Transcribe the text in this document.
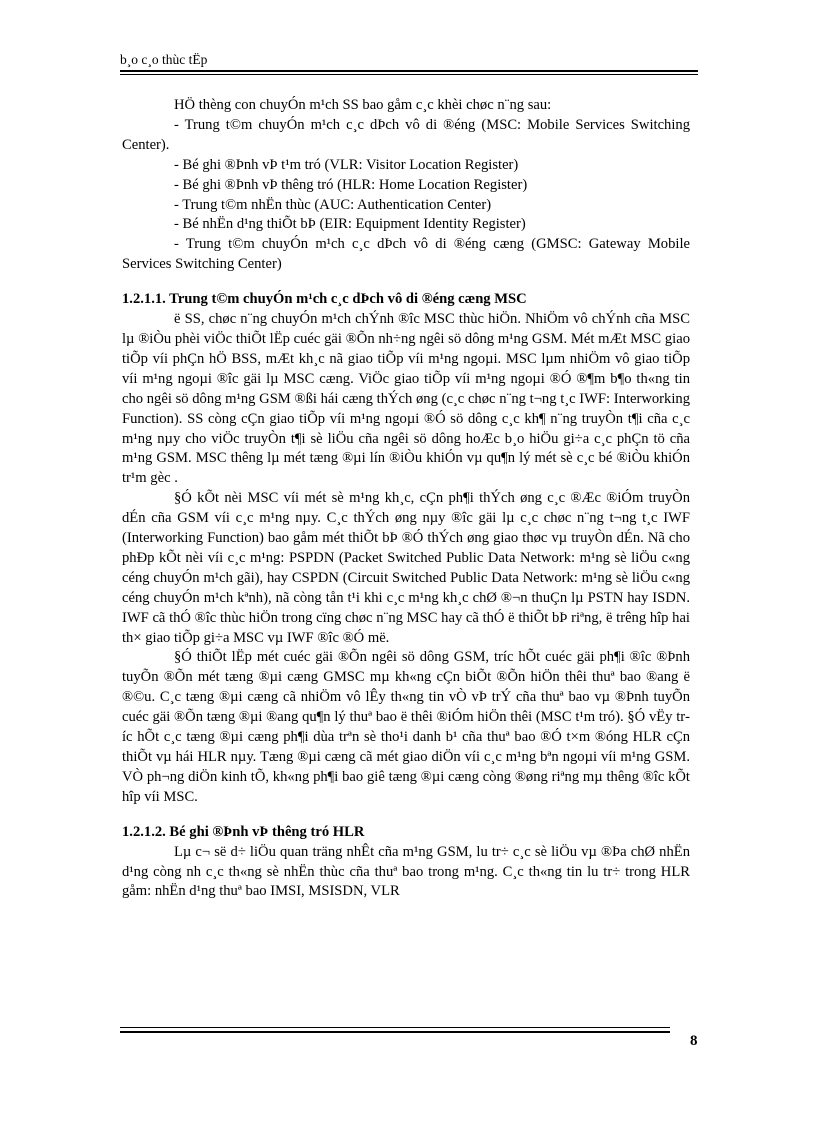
b¸o c¸o thùc tËp

HÖ thèng con chuyÓn m¹ch SS bao gåm c¸c khèi chøc n¨ng sau:

- Trung t©m chuyÓn m¹ch c¸c dÞch vô di ®éng (MSC: Mobile Services Switching Center).

- Bé ghi ®Þnh vÞ t¹m tró (VLR: Visitor Location Register)

- Bé ghi ®Þnh vÞ thêng tró (HLR: Home Location Register)

- Trung t©m nhËn thùc (AUC: Authentication Center)

- Bé nhËn d¹ng thiÕt bÞ (EIR: Equipment Identity Register)

- Trung t©m chuyÓn m¹ch c¸c dÞch vô di ®éng cæng (GMSC: Gateway Mobile Services Switching Center)

1.2.1.1. Trung t©m chuyÓn m¹ch c¸c dÞch vô di ®éng cæng MSC

ë SS, chøc n¨ng chuyÓn m¹ch chÝnh ®îc MSC thùc hiÖn. NhiÖm vô chÝnh cña MSC lµ ®iÒu phèi viÖc thiÕt lËp cuéc gäi ®Õn nh÷ng ngêi sö dông m¹ng GSM. Mét mÆt MSC giao tiÕp víi phÇn hÖ BSS, mÆt kh¸c nã giao tiÕp víi m¹ng ngoµi. MSC lµm nhiÖm vô giao tiÕp víi m¹ng ngoµi ®îc gäi lµ MSC cæng. ViÖc giao tiÕp víi m¹ng ngoµi ®Ó ®¶m b¶o th«ng tin cho ngêi sö dông m¹ng GSM ®ßi hái cæng thÝch øng (c¸c chøc n¨ng t¬ng t¸c IWF: Interworking Function). SS còng cÇn giao tiÕp víi m¹ng ngoµi ®Ó sö dông c¸c kh¶ n¨ng truyÒn t¶i cña c¸c m¹ng nµy cho viÖc truyÒn t¶i sè liÖu cña ngêi sö dông hoÆc b¸o hiÖu gi÷a c¸c phÇn tö cña m¹ng GSM. MSC thêng lµ mét tæng ®µi lín ®iÒu khiÓn vµ qu¶n lý mét sè c¸c bé ®iÒu khiÓn tr¹m gèc .

§Ó kÕt nèi MSC víi mét sè m¹ng kh¸c, cÇn ph¶i thÝch øng c¸c ®Æc ®iÓm truyÒn dÉn cña GSM víi c¸c m¹ng nµy. C¸c thÝch øng nµy ®îc gäi lµ c¸c chøc n¨ng t¬ng t¸c IWF (Interworking Function) bao gåm mét thiÕt bÞ ®Ó thÝch øng giao thøc vµ truyÒn dÉn. Nã cho phÐp kÕt nèi víi c¸c m¹ng: PSPDN (Packet Switched Public Data Network: m¹ng sè liÖu c«ng céng chuyÓn m¹ch gãi), hay CSPDN (Circuit Switched Public Data Network: m¹ng sè liÖu c«ng céng chuyÓn m¹ch kªnh), nã còng tån t¹i khi c¸c m¹ng kh¸c chØ ®¬n thuÇn lµ PSTN hay ISDN. IWF cã thÓ ®îc thùc hiÖn trong cïng chøc n¨ng MSC hay cã thÓ ë thiÕt bÞ riªng, ë trêng hîp hai th× giao tiÕp gi÷a MSC vµ IWF ®îc ®Ó më.

§Ó thiÕt lËp mét cuéc gäi ®Õn ngêi sö dông GSM, tríc hÕt cuéc gäi ph¶i ®îc ®Þnh tuyÕn ®Õn mét tæng ®µi cæng GMSC mµ kh«ng cÇn biÕt ®Õn hiÖn thêi thuª bao ®ang ë ®©u. C¸c tæng ®µi cæng cã nhiÖm vô lÊy th«ng tin vÒ vÞ trÝ cña thuª bao vµ ®Þnh tuyÕn cuéc gäi ®Õn tæng ®µi ®ang qu¶n lý thuª bao ë thêi ®iÓm hiÖn thêi (MSC t¹m tró). §Ó vËy tríc hÕt c¸c tæng ®µi cæng ph¶i dùa trªn sè tho¹i danh b¹ cña thuª bao ®Ó t×m ®óng HLR cÇn thiÕt vµ hái HLR nµy. Tæng ®µi cæng cã mét giao diÖn víi c¸c m¹ng bªn ngoµi víi m¹ng GSM. VÒ ph¬ng diÖn kinh tÕ, kh«ng ph¶i bao giê tæng ®µi cæng còng ®øng riªng mµ thêng ®îc kÕt hîp víi MSC.

1.2.1.2. Bé ghi ®Þnh vÞ thêng tró HLR

Lµ c¬ së d÷ liÖu quan träng nhÊt cña m¹ng GSM, lu tr÷ c¸c sè liÖu vµ ®Þa chØ nhËn d¹ng còng nh c¸c th«ng sè nhËn thùc cña thuª bao trong m¹ng. C¸c th«ng tin lu tr÷ trong HLR gåm: nhËn d¹ng thuª bao IMSI, MSISDN, VLR

8
